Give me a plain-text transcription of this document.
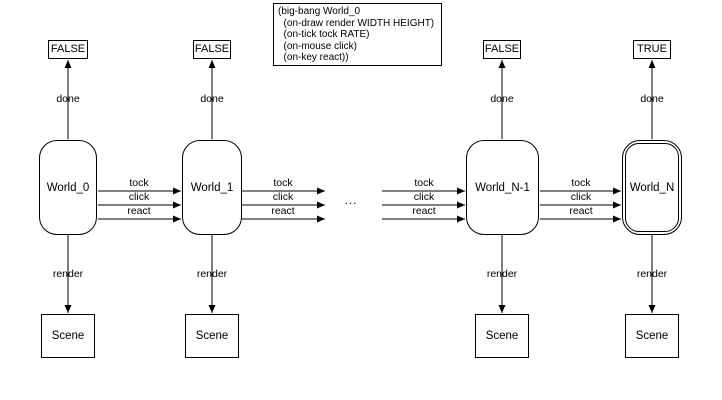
(big-bang World_0
(on-draw render WIDTH HEIGHT)
(on-tick tock RATE)
(on-mouse click)
(on-key react))
FALSE
done
World_0
render
Scene
FALSE
done
World_1
render
Scene
FALSE
done
World_N-1
render
Scene
TRUE
done
World_N
render
Scene
tock
click
react
tock
click
react
...
tock
click
react
tock
click
react
